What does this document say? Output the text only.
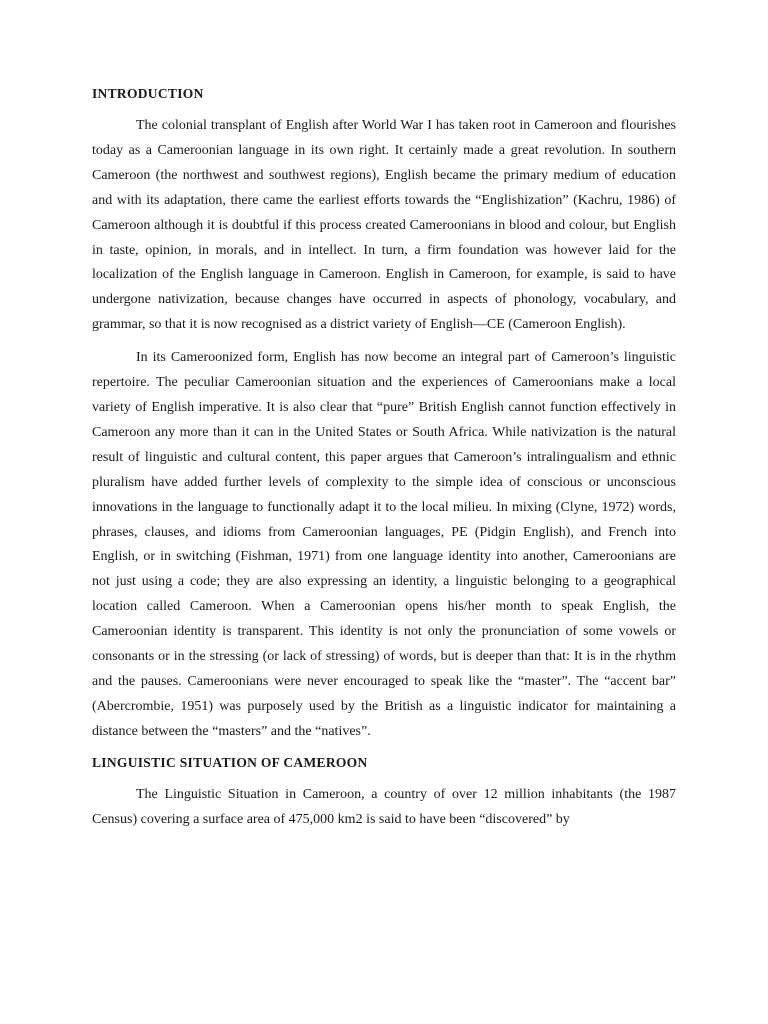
INTRODUCTION

The colonial transplant of English after World War I has taken root in Cameroon and flourishes today as a Cameroonian language in its own right. It certainly made a great revolution. In southern Cameroon (the northwest and southwest regions), English became the primary medium of education and with its adaptation, there came the earliest efforts towards the “Englishization” (Kachru, 1986) of Cameroon although it is doubtful if this process created Cameroonians in blood and colour, but English in taste, opinion, in morals, and in intellect. In turn, a firm foundation was however laid for the localization of the English language in Cameroon. English in Cameroon, for example, is said to have undergone nativization, because changes have occurred in aspects of phonology, vocabulary, and grammar, so that it is now recognised as a district variety of English—CE (Cameroon English).

In its Cameroonized form, English has now become an integral part of Cameroon’s linguistic repertoire. The peculiar Cameroonian situation and the experiences of Cameroonians make a local variety of English imperative. It is also clear that “pure” British English cannot function effectively in Cameroon any more than it can in the United States or South Africa. While nativization is the natural result of linguistic and cultural content, this paper argues that Cameroon’s intralingualism and ethnic pluralism have added further levels of complexity to the simple idea of conscious or unconscious innovations in the language to functionally adapt it to the local milieu. In mixing (Clyne, 1972) words, phrases, clauses, and idioms from Cameroonian languages, PE (Pidgin English), and French into English, or in switching (Fishman, 1971) from one language identity into another, Cameroonians are not just using a code; they are also expressing an identity, a linguistic belonging to a geographical location called Cameroon. When a Cameroonian opens his/her month to speak English, the Cameroonian identity is transparent. This identity is not only the pronunciation of some vowels or consonants or in the stressing (or lack of stressing) of words, but is deeper than that: It is in the rhythm and the pauses. Cameroonians were never encouraged to speak like the “master”. The “accent bar” (Abercrombie, 1951) was purposely used by the British as a linguistic indicator for maintaining a distance between the “masters” and the “natives”.

LINGUISTIC SITUATION OF CAMEROON

The Linguistic Situation in Cameroon, a country of over 12 million inhabitants (the 1987 Census) covering a surface area of 475,000 km2 is said to have been “discovered” by
